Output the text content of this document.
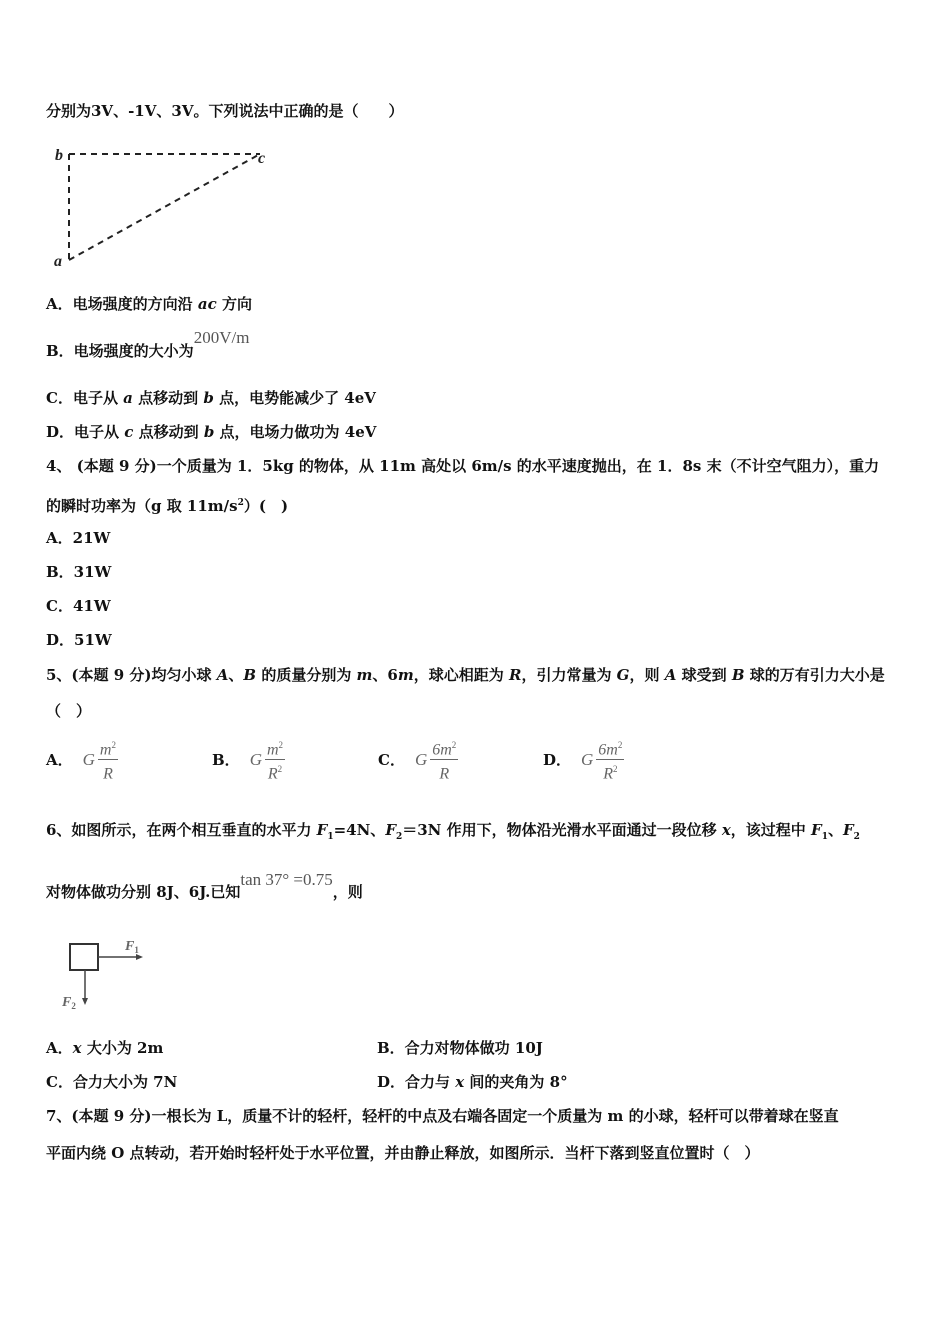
分别为3V、-1V、3V。下列说法中正确的是（　　）
b	c
a
A．电场强度的方向沿 ac 方向
B．电场强度的大小为200V/m
C．电子从 a 点移动到 b 点，电势能减少了 4eV
D．电子从 c 点移动到 b 点，电场力做功为 4eV
4、 (本题 9 分)一个质量为 1．5kg 的物体，从 11m 高处以 6m/s 的水平速度抛出，在 1．8s 末（不计空气阻力），重力
的瞬时功率为（g 取 $11m/s^2$）(　)
A．21W
B．31W
C．41W
D．51W
5、(本题 9 分)均匀小球 A、B 的质量分别为 m、6m，球心相距为 R，引力常量为 G，则 A 球受到 B 球的万有引力大小是
（　）
A． G $\frac{m^2}{R}$	B． G $\frac{m^2}{R^2}$	C． G $\frac{6m^2}{R}$	D． G $\frac{6m^2}{R^2}$
6、如图所示，在两个相互垂直的水平力 $F_1=4N$、$F_2=3N$ 作用下，物体沿光滑水平面通过一段位移 x，该过程中 $F_1$、$F_2$
对物体做功分别 8J、6J.已知tan 37° =0.75，则
$F_1$
$F_2$
A．x 大小为 2m	B．合力对物体做功 10J
C．合力大小为 7N	D．合力与 x 间的夹角为 8°
7、(本题 9 分)一根长为 L，质量不计的轻杆，轻杆的中点及右端各固定一个质量为 m 的小球，轻杆可以带着球在竖直
平面内绕 O 点转动，若开始时轻杆处于水平位置，并由静止释放，如图所示．当杆下落到竖直位置时（　）
